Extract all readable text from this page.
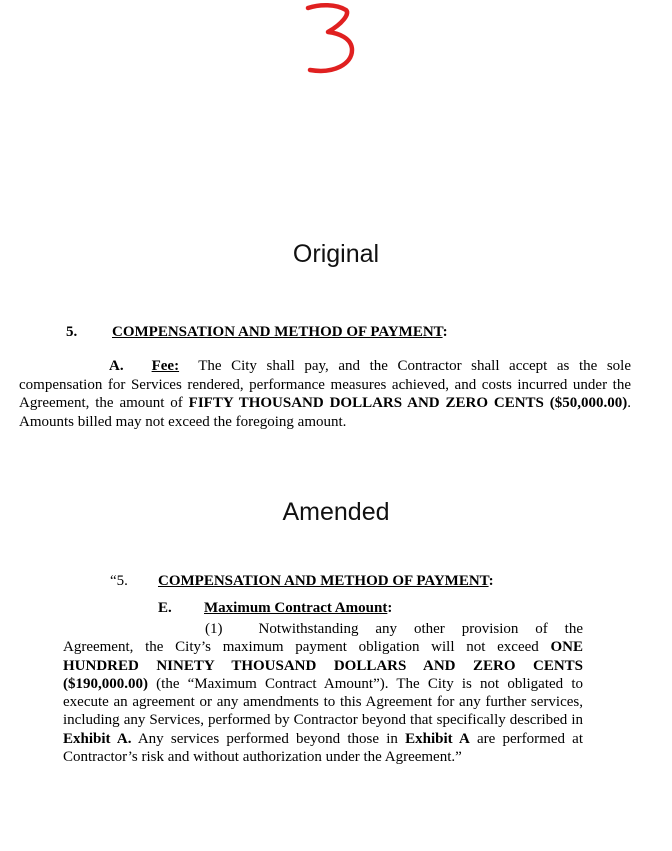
Original
5. COMPENSATION AND METHOD OF PAYMENT:
A. Fee: The City shall pay, and the Contractor shall accept as the sole compensation for Services rendered, performance measures achieved, and costs incurred under the Agreement, the amount of FIFTY THOUSAND DOLLARS AND ZERO CENTS ($50,000.00). Amounts billed may not exceed the foregoing amount.
Amended
“5. COMPENSATION AND METHOD OF PAYMENT:
E. Maximum Contract Amount:
(1) Notwithstanding any other provision of the Agreement, the City’s maximum payment obligation will not exceed ONE HUNDRED NINETY THOUSAND DOLLARS AND ZERO CENTS ($190,000.00) (the “Maximum Contract Amount”). The City is not obligated to execute an agreement or any amendments to this Agreement for any further services, including any Services, performed by Contractor beyond that specifically described in Exhibit A. Any services performed beyond those in Exhibit A are performed at Contractor’s risk and without authorization under the Agreement.”
